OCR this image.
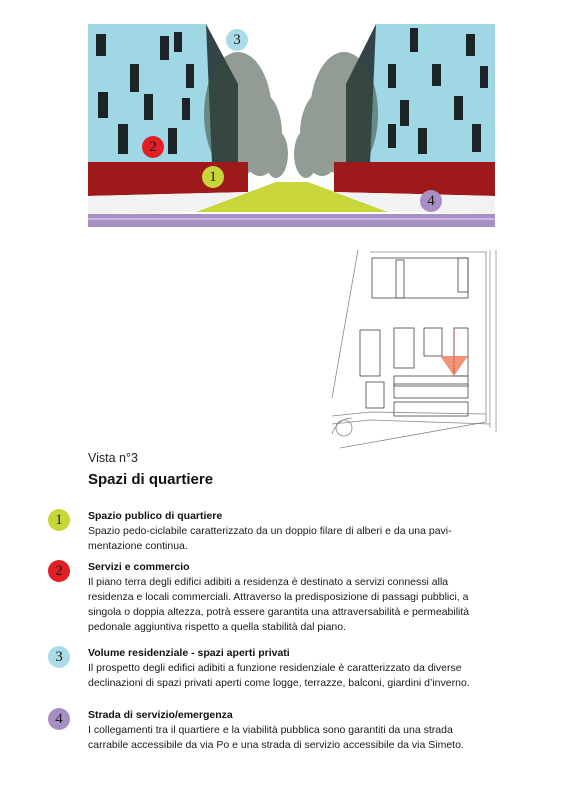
3
2
1
4
Vista n°3
Spazi di quartiere
1	Spazio publico di quartiere
Spazio pedo-ciclabile caratterizzato da un doppio filare di alberi e da una pavi-
mentazione continua.
2	Servizi e commercio
Il piano terra degli edifici adibiti a residenza è destinato a servizi connessi alla
residenza e locali commerciali. Attraverso la predisposizione di passagi pubblici, a
singola o doppia altezza, potrà essere garantita una attraversabilità e permeabilità
pedonale aggiuntiva rispetto a quella stabilità dal piano.
3	Volume residenziale - spazi aperti privati
Il prospetto degli edifici adibiti a funzione residenziale è caratterizzato da diverse
declinazioni di spazi privati aperti come logge, terrazze, balconi, giardini d’inverno.
4	Strada di servizio/emergenza
I collegamenti tra il quartiere e la viabilità pubblica sono garantiti da una strada
carrabile accessibile da via Po e una strada di servizio accessibile da via Simeto.
